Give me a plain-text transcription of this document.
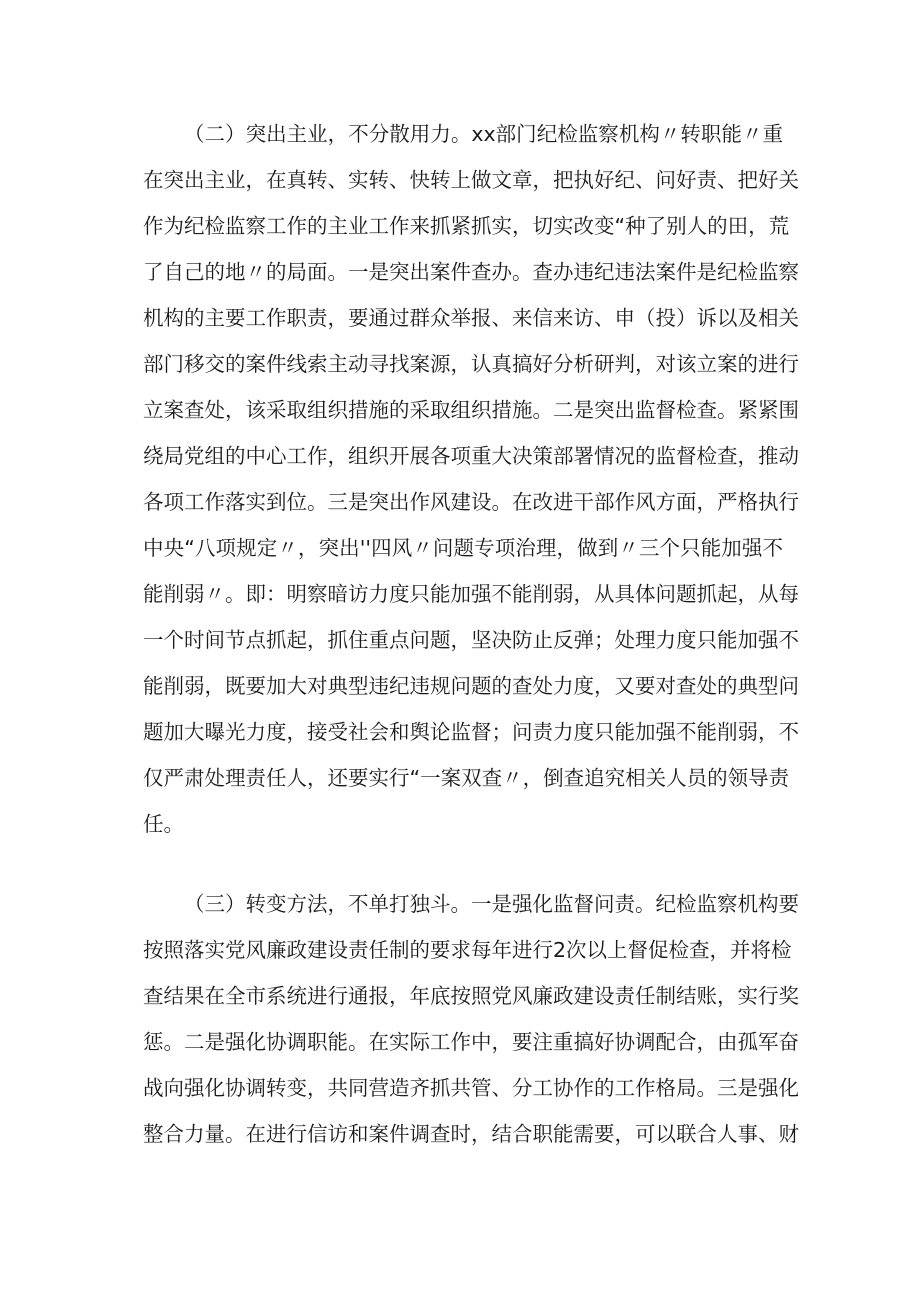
（二）突出主业，不分散用力。xx部门纪检监察机构〃转职能〃重
在突出主业，在真转、实转、快转上做文章，把执好纪、问好责、把好关
作为纪检监察工作的主业工作来抓紧抓实，切实改变“种了别人的田，荒
了自己的地〃的局面。一是突出案件查办。查办违纪违法案件是纪检监察
机构的主要工作职责，要通过群众举报、来信来访、申（投）诉以及相关
部门移交的案件线索主动寻找案源，认真搞好分析研判，对该立案的进行
立案查处，该采取组织措施的采取组织措施。二是突出监督检查。紧紧围
绕局党组的中心工作，组织开展各项重大决策部署情况的监督检查，推动
各项工作落实到位。三是突出作风建设。在改进干部作风方面，严格执行
中央“八项规定〃，突出''四风〃问题专项治理，做到〃三个只能加强不
能削弱〃。即：明察暗访力度只能加强不能削弱，从具体问题抓起，从每
一个时间节点抓起，抓住重点问题，坚决防止反弹；处理力度只能加强不
能削弱，既要加大对典型违纪违规问题的查处力度，又要对查处的典型问
题加大曝光力度，接受社会和舆论监督；问责力度只能加强不能削弱，不
仅严肃处理责任人，还要实行“一案双查〃，倒查追究相关人员的领导责
任。
（三）转变方法，不单打独斗。一是强化监督问责。纪检监察机构要
按照落实党风廉政建设责任制的要求每年进行2次以上督促检查，并将检
查结果在全市系统进行通报，年底按照党风廉政建设责任制结账，实行奖
惩。二是强化协调职能。在实际工作中，要注重搞好协调配合，由孤军奋
战向强化协调转变，共同营造齐抓共管、分工协作的工作格局。三是强化
整合力量。在进行信访和案件调查时，结合职能需要，可以联合人事、财
